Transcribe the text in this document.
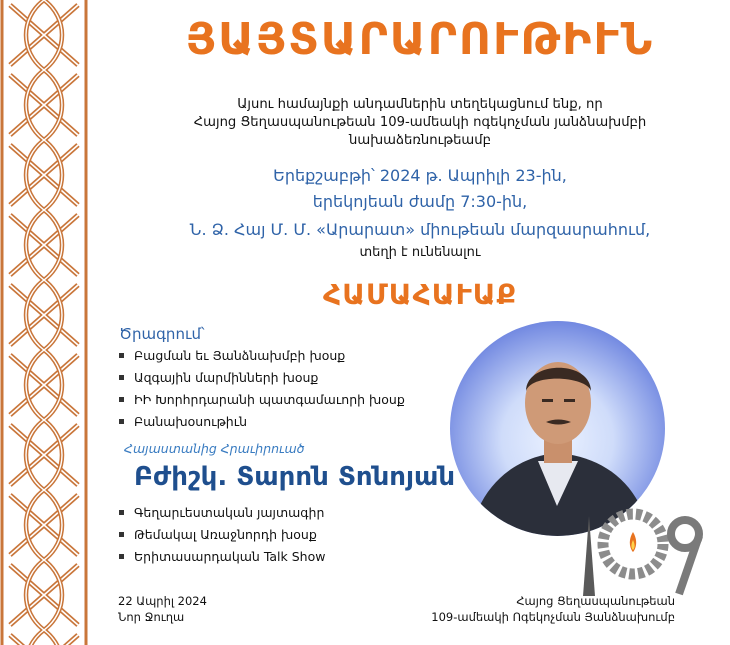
ՅԱՅՏԱՐԱՐՈՒԹԻՒՆ
Այսու համայնքի անդամներին տեղեկացնում ենք, որ
Հայոց Ցեղասպանութեան 109-ամեակի ոգեկոչման յանձնախմբի
նախաձեռնութեամբ
Երեքշաբթի՝ 2024 թ. Ապրիլի 23-ին,
երեկոյեան ժամը 7:30-ին,
Ն. Ձ. Հայ Մ. Մ. «Արարատ» միութեան մարզասրահում,
տեղի է ունենալու
ՀԱՄԱՀԱՒԱՔ
Ծրագրում՝
Բացման եւ Յանձնախմբի խօսք
Ազգային մարմինների խօսք
ԻԻ Խորհրդարանի պատգամաւորի խօսք
Բանախօսութիւն
Հայաստանից Հրաւիրուած
Բժիշկ. Տարոն Տոնոյան
Գեղարւեստական յայտագիր
Թեմակալ Առաջնորդի խօսք
Երիտասարդական Talk Show
109
22 Ապրիլ 2024
Նոր Ջուղա
Հայոց Ցեղասպանութեան
109-ամեակի Ոգեկոչման Յանձնախումբ
